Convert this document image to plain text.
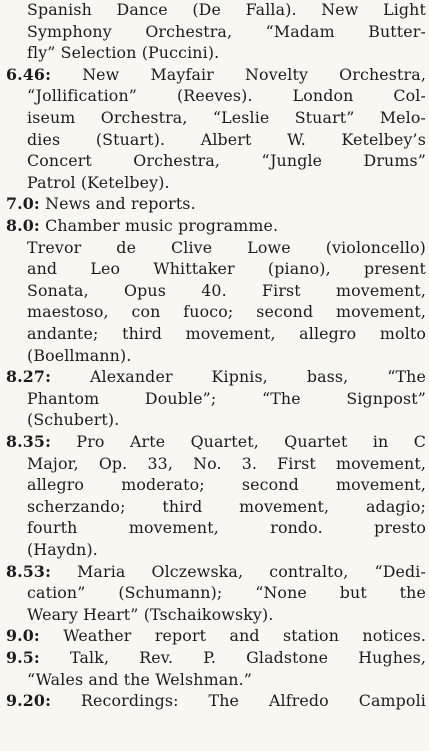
Spanish Dance (De Falla). New Light
Symphony Orchestra, “Madam Butter-
fly” Selection (Puccini).
6.46: New Mayfair Novelty Orchestra,
“Jollification” (Reeves). London Col-
iseum Orchestra, “Leslie Stuart” Melo-
dies (Stuart). Albert W. Ketelbey’s
Concert Orchestra, “Jungle Drums”
Patrol (Ketelbey).
7.0: News and reports.
8.0: Chamber music programme.
Trevor de Clive Lowe (violoncello)
and Leo Whittaker (piano), present
Sonata, Opus 40. First movement,
maestoso, con fuoco; second movement,
andante; third movement, allegro molto
(Boellmann).
8.27: Alexander Kipnis, bass, “The
Phantom Double”; “The Signpost”
(Schubert).
8.35: Pro Arte Quartet, Quartet in C
Major, Op. 33, No. 3. First movement,
allegro moderato; second movement,
scherzando; third movement, adagio;
fourth movement, rondo. presto
(Haydn).
8.53: Maria Olczewska, contralto, “Dedi-
cation” (Schumann); “None but the
Weary Heart” (Tschaikowsky).
9.0: Weather report and station notices.
9.5: Talk, Rev. P. Gladstone Hughes,
“Wales and the Welshman.”
9.20: Recordings: The Alfredo Campoli
